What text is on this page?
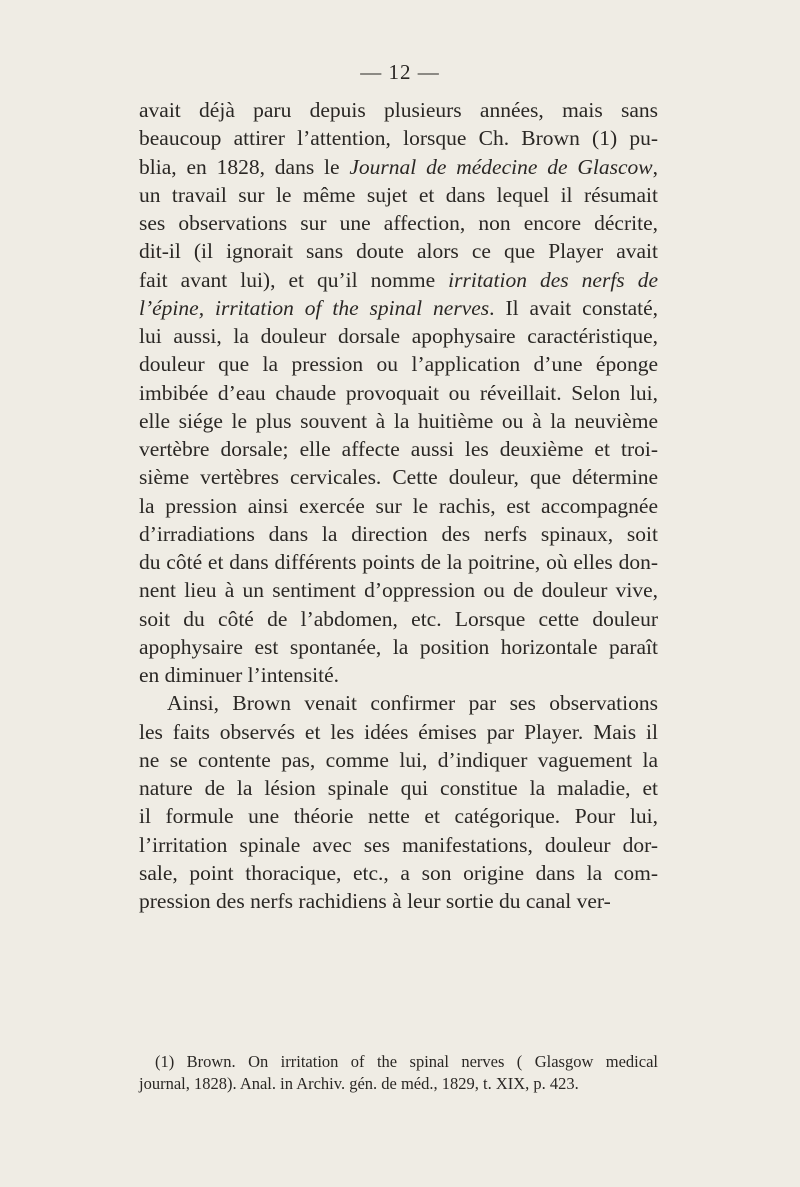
— 12 —
avait déjà paru depuis plusieurs années, mais sans
beaucoup attirer l’attention, lorsque Ch. Brown (1) pu-
blia, en 1828, dans le Journal de médecine de Glascow,
un travail sur le même sujet et dans lequel il résumait
ses observations sur une affection, non encore décrite,
dit-il (il ignorait sans doute alors ce que Player avait
fait avant lui), et qu’il nomme irritation des nerfs de
l’épine, irritation of the spinal nerves. Il avait constaté,
lui aussi, la douleur dorsale apophysaire caractéristique,
douleur que la pression ou l’application d’une éponge
imbibée d’eau chaude provoquait ou réveillait. Selon lui,
elle siége le plus souvent à la huitième ou à la neuvième
vertèbre dorsale; elle affecte aussi les deuxième et troi-
sième vertèbres cervicales. Cette douleur, que détermine
la pression ainsi exercée sur le rachis, est accompagnée
d’irradiations dans la direction des nerfs spinaux, soit
du côté et dans différents points de la poitrine, où elles don-
nent lieu à un sentiment d’oppression ou de douleur vive,
soit du côté de l’abdomen, etc. Lorsque cette douleur
apophysaire est spontanée, la position horizontale paraît
en diminuer l’intensité.
Ainsi, Brown venait confirmer par ses observations
les faits observés et les idées émises par Player. Mais il
ne se contente pas, comme lui, d’indiquer vaguement la
nature de la lésion spinale qui constitue la maladie, et
il formule une théorie nette et catégorique. Pour lui,
l’irritation spinale avec ses manifestations, douleur dor-
sale, point thoracique, etc., a son origine dans la com-
pression des nerfs rachidiens à leur sortie du canal ver-
(1) Brown. On irritation of the spinal nerves ( Glasgow medical
journal, 1828). Anal. in Archiv. gén. de méd., 1829, t. XIX, p. 423.
